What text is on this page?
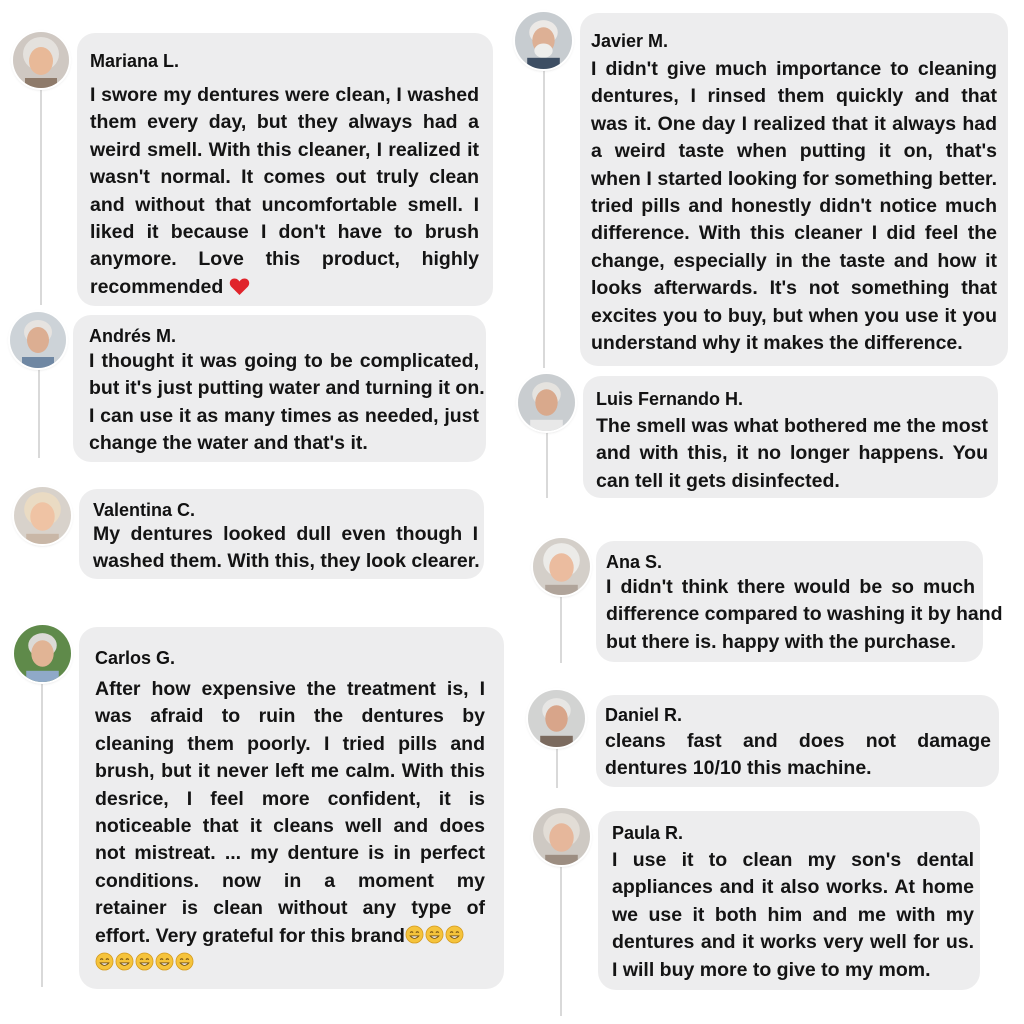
Mariana L.
I swore my dentures were clean, I washed
them every day, but they always had a
weird smell. With this cleaner, I realized it
wasn't normal. It comes out truly clean
and without that uncomfortable smell. I
liked it because I don't have to brush
anymore. Love this product, highly
recommended
Andrés M.
I thought it was going to be complicated,
but it's just putting water and turning it on.
I can use it as many times as needed, just
change the water and that's it.
Valentina C.
My dentures looked dull even though I
washed them. With this, they look clearer.
Carlos G.
After how expensive the treatment is, I
was afraid to ruin the dentures by
cleaning them poorly. I tried pills and
brush, but it never left me calm. With this
desrice, I feel more confident, it is
noticeable that it cleans well and does
not mistreat. ... my denture is in perfect
conditions. now in a moment my
retainer is clean without any type of
effort. Very grateful for this brand
Javier M.
I didn't give much importance to cleaning
dentures, I rinsed them quickly and that
was it. One day I realized that it always had
a weird taste when putting it on, that's
when I started looking for something better.
tried pills and honestly didn't notice much
difference. With this cleaner I did feel the
change, especially in the taste and how it
looks afterwards. It's not something that
excites you to buy, but when you use it you
understand why it makes the difference.
Luis Fernando H.
The smell was what bothered me the most
and with this, it no longer happens. You
can tell it gets disinfected.
Ana S.
I didn't think there would be so much
difference compared to washing it by hand
but there is. happy with the purchase.
Daniel R.
cleans fast and does not damage
dentures 10/10 this machine.
Paula R.
I use it to clean my son's dental
appliances and it also works. At home
we use it both him and me with my
dentures and it works very well for us.
I will buy more to give to my mom.
